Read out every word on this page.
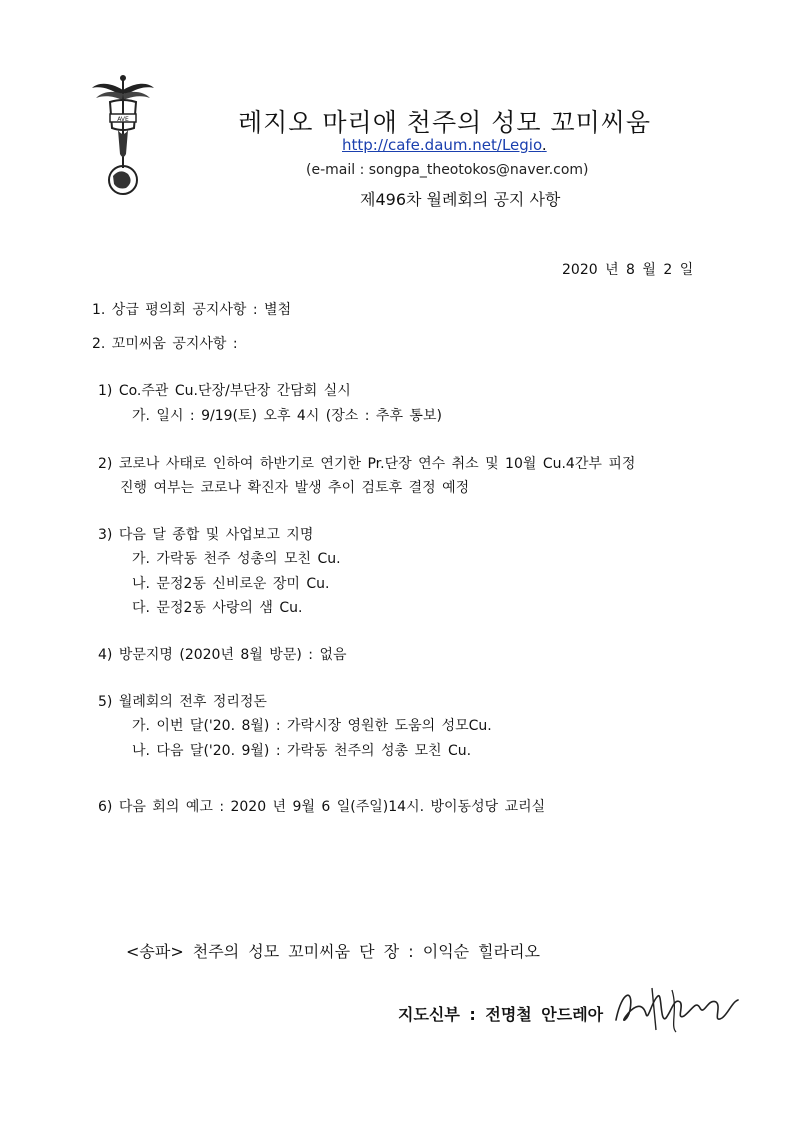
AVE	레지오 마리애 천주의 성모 꼬미씨움
http://cafe.daum.net/Legio.
(e-mail : songpa_theotokos@naver.com)
제496차 월례회의 공지 사항
2020 년 8 월 2 일
1. 상급 평의회 공지사항 : 별첨
2. 꼬미씨움 공지사항 :
1) Co.주관 Cu.단장/부단장 간담회 실시
가. 일시 : 9/19(토) 오후 4시 (장소 : 추후 통보)
2) 코로나 사태로 인하여 하반기로 연기한 Pr.단장 연수 취소 및 10월 Cu.4간부 피정
진행 여부는 코로나 확진자 발생 추이 검토후 결정 예정
3) 다음 달 종합 및 사업보고 지명
가. 가락동 천주 성총의 모친 Cu.
나. 문정2동 신비로운 장미 Cu.
다. 문정2동 사랑의 샘 Cu.
4) 방문지명 (2020년 8월 방문) : 없음
5) 월례회의 전후 정리정돈
가. 이번 달('20. 8월) : 가락시장 영원한 도움의 성모Cu.
나. 다음 달('20. 9월) : 가락동 천주의 성총 모친 Cu.
6) 다음 회의 예고 : 2020 년 9월 6 일(주일)14시. 방이동성당 교리실
<송파> 천주의 성모 꼬미씨움 단 장 : 이익순 힐라리오
지도신부 : 전명철 안드레아
